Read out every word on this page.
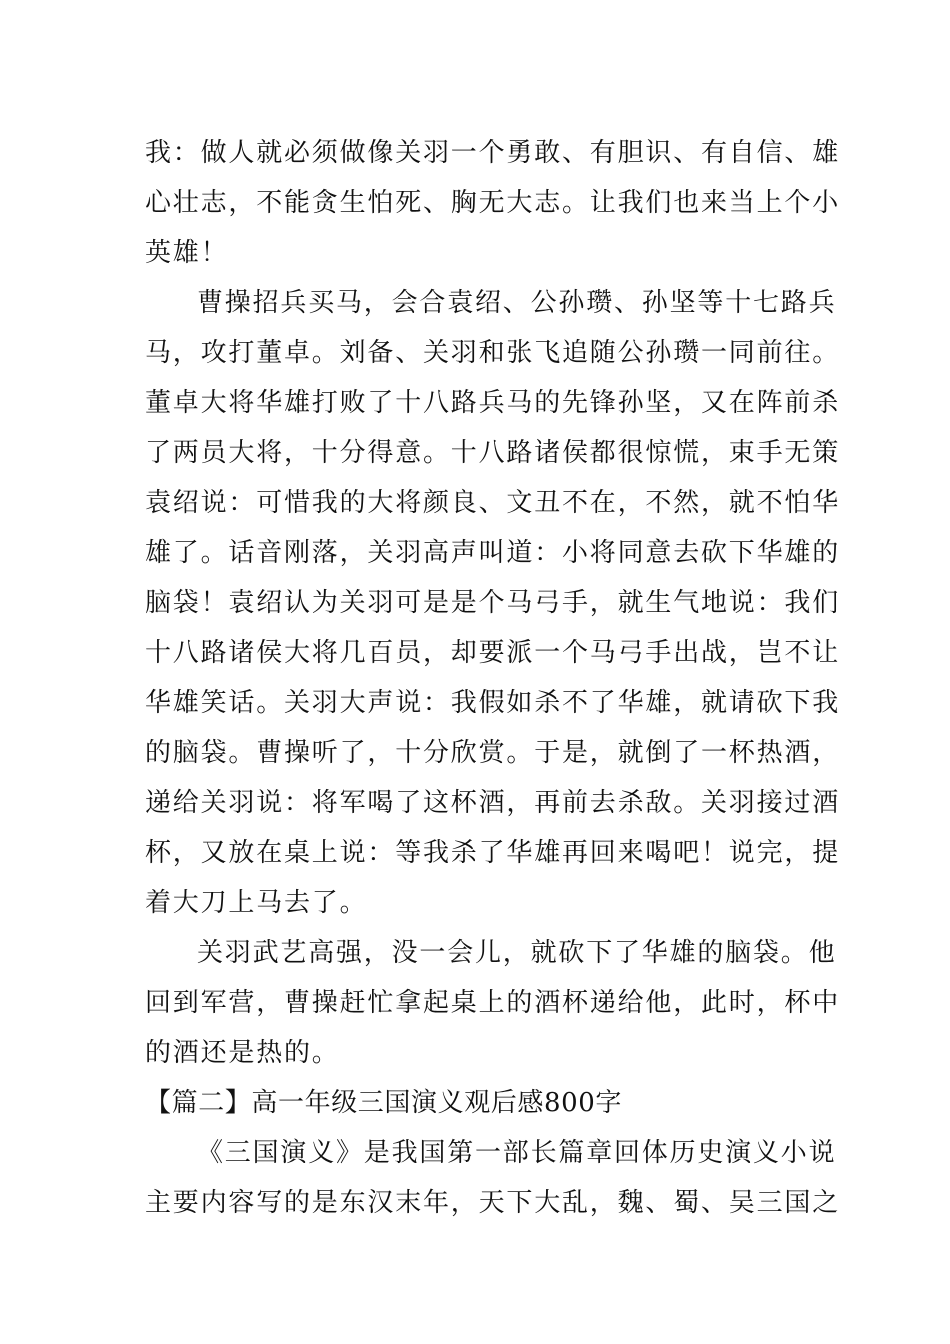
我：做人就必须做像关羽一个勇敢、有胆识、有自信、雄
心壮志，不能贪生怕死、胸无大志。让我们也来当上个小
英雄！
曹操招兵买马，会合袁绍、公孙瓒、孙坚等十七路兵
马，攻打董卓。刘备、关羽和张飞追随公孙瓒一同前往。
董卓大将华雄打败了十八路兵马的先锋孙坚，又在阵前杀
了两员大将，十分得意。十八路诸侯都很惊慌，束手无策
袁绍说：可惜我的大将颜良、文丑不在，不然，就不怕华
雄了。话音刚落，关羽高声叫道：小将同意去砍下华雄的
脑袋！袁绍认为关羽可是是个马弓手，就生气地说：我们
十八路诸侯大将几百员，却要派一个马弓手出战，岂不让
华雄笑话。关羽大声说：我假如杀不了华雄，就请砍下我
的脑袋。曹操听了，十分欣赏。于是，就倒了一杯热酒，
递给关羽说：将军喝了这杯酒，再前去杀敌。关羽接过酒
杯，又放在桌上说：等我杀了华雄再回来喝吧！说完，提
着大刀上马去了。
关羽武艺高强，没一会儿，就砍下了华雄的脑袋。他
回到军营，曹操赶忙拿起桌上的酒杯递给他，此时，杯中
的酒还是热的。
【篇二】高一年级三国演义观后感800字
《三国演义》是我国第一部长篇章回体历史演义小说
主要内容写的是东汉末年，天下大乱，魏、蜀、吴三国之
